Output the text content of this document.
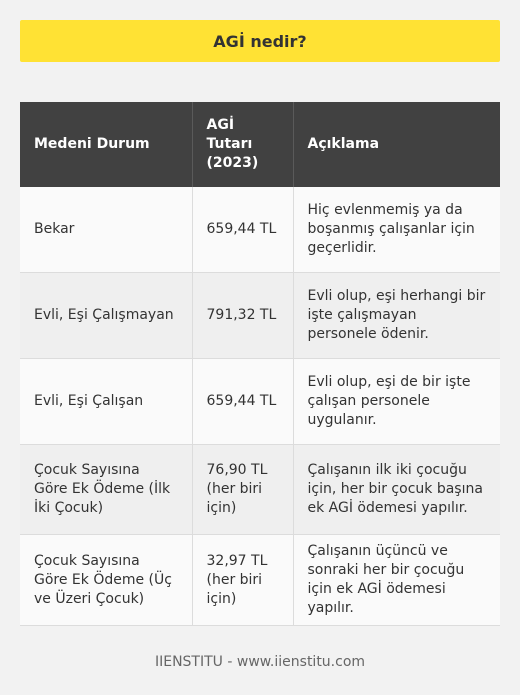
AGİ nedir?
Medeni Durum	AGİ Tutarı (2023)	Açıklama
Bekar	659,44 TL	Hiç evlenmemiş ya da boşanmış çalışanlar için geçerlidir.
Evli, Eşi Çalışmayan	791,32 TL	Evli olup, eşi herhangi bir işte çalışmayan personele ödenir.
Evli, Eşi Çalışan	659,44 TL	Evli olup, eşi de bir işte çalışan personele uygulanır.
Çocuk Sayısına Göre Ek Ödeme (İlk İki Çocuk)	76,90 TL (her biri için)	Çalışanın ilk iki çocuğu için, her bir çocuk başına ek AGİ ödemesi yapılır.
Çocuk Sayısına Göre Ek Ödeme (Üç ve Üzeri Çocuk)	32,97 TL (her biri için)	Çalışanın üçüncü ve sonraki her bir çocuğu için ek AGİ ödemesi yapılır.
IIENSTITU - www.iienstitu.com
